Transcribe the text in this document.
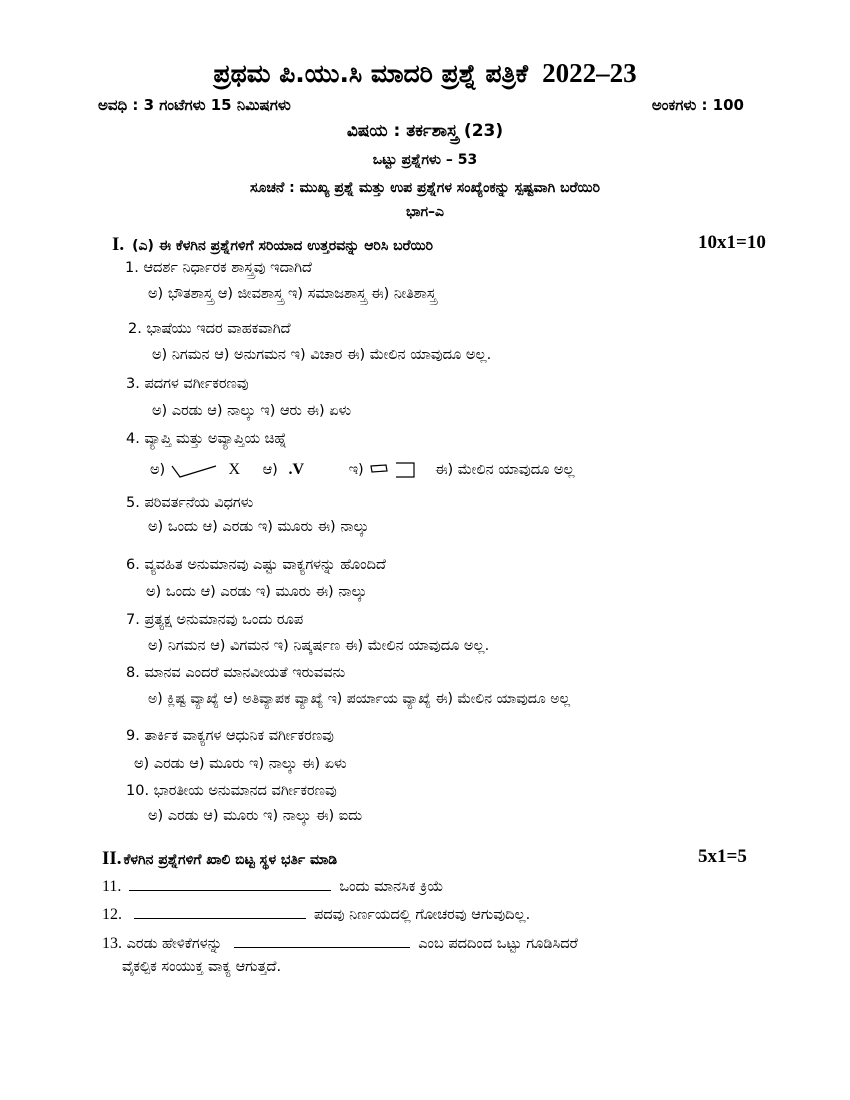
ಪ್ರಥಮ ಪಿ.ಯು.ಸಿ ಮಾದರಿ ಪ್ರಶ್ನೆ ಪತ್ರಿಕೆ 2022–23
ಅವಧಿ : 3 ಗಂಟೆಗಳು 15 ನಿಮಿಷಗಳು	ಅಂಕಗಳು : 100
ವಿಷಯ : ತರ್ಕಶಾಸ್ತ್ರ (23)
ಒಟ್ಟು ಪ್ರಶ್ನೆಗಳು – 53
ಸೂಚನೆ : ಮುಖ್ಯ ಪ್ರಶ್ನೆ ಮತ್ತು ಉಪ ಪ್ರಶ್ನೆಗಳ ಸಂಖ್ಯೆಂಕನ್ನು ಸ್ಪಷ್ಟವಾಗಿ ಬರೆಯಿರಿ
ಭಾಗ–ಎ
I. (ಎ) ಈ ಕೆಳಗಿನ ಪ್ರಶ್ನೆಗಳಿಗೆ ಸರಿಯಾದ ಉತ್ತರವನ್ನು ಆರಿಸಿ ಬರೆಯಿರಿ	10x1=10
1. ಆದರ್ಶ ನಿರ್ಧಾರಕ ಶಾಸ್ತ್ರವು ಇದಾಗಿದೆ
ಅ) ಭೌತಶಾಸ್ತ್ರ ಆ) ಜೀವಶಾಸ್ತ್ರ ಇ) ಸಮಾಜಶಾಸ್ತ್ರ ಈ) ನೀತಿಶಾಸ್ತ್ರ
2. ಭಾಷೆಯು ಇದರ ವಾಹಕವಾಗಿದೆ
ಅ) ನಿಗಮನ ಆ) ಅನುಗಮನ ಇ) ವಿಚಾರ ಈ) ಮೇಲಿನ ಯಾವುದೂ ಅಲ್ಲ.
3. ಪದಗಳ ವರ್ಗೀಕರಣವು
ಅ) ಎರಡು ಆ) ನಾಲ್ಕು ಇ) ಆರು ಈ) ಏಳು
4. ವ್ಯಾಪ್ತಿ ಮತ್ತು ಅವ್ಯಾಪ್ತಿಯ ಚಿಹ್ನೆ
ಅ)	X ಆ) .V	ಇ)	ಈ) ಮೇಲಿನ ಯಾವುದೂ ಅಲ್ಲ
5. ಪರಿವರ್ತನೆಯ ವಿಧಗಳು
ಅ) ಒಂದು ಆ) ಎರಡು ಇ) ಮೂರು ಈ) ನಾಲ್ಕು
6. ವ್ಯವಹಿತ ಅನುಮಾನವು ಎಷ್ಟು ವಾಕ್ಯಗಳನ್ನು ಹೊಂದಿದೆ
ಅ) ಒಂದು ಆ) ಎರಡು ಇ) ಮೂರು ಈ) ನಾಲ್ಕು
7. ಪ್ರತ್ಯಕ್ಷ ಅನುಮಾನವು ಒಂದು ರೂಪ
ಅ) ನಿಗಮನ ಆ) ವಿಗಮನ ಇ) ನಿಷ್ಕರ್ಷಣ ಈ) ಮೇಲಿನ ಯಾವುದೂ ಅಲ್ಲ.
8. ಮಾನವ ಎಂದರೆ ಮಾನವೀಯತೆ ಇರುವವನು
ಅ) ಕ್ಲಿಷ್ಟ ವ್ಯಾಖ್ಯೆ ಆ) ಅತಿವ್ಯಾಪಕ ವ್ಯಾಖ್ಯೆ ಇ) ಪರ್ಯಾಯ ವ್ಯಾಖ್ಯೆ ಈ) ಮೇಲಿನ ಯಾವುದೂ ಅಲ್ಲ
9. ತಾರ್ಕಿಕ ವಾಕ್ಯಗಳ ಆಧುನಿಕ ವರ್ಗೀಕರಣವು
ಅ) ಎರಡು ಆ) ಮೂರು ಇ) ನಾಲ್ಕು ಈ) ಏಳು
10. ಭಾರತೀಯ ಅನುಮಾನದ ವರ್ಗೀಕರಣವು
ಅ) ಎರಡು ಆ) ಮೂರು ಇ) ನಾಲ್ಕು ಈ) ಐದು
II. ಕೆಳಗಿನ ಪ್ರಶ್ನೆಗಳಿಗೆ ಖಾಲಿ ಬಿಟ್ಟ ಸ್ಥಳ ಭರ್ತಿ ಮಾಡಿ	5x1=5
11.	ಒಂದು ಮಾನಸಿಕ ಕ್ರಿಯೆ
12.	ಪದವು ನಿರ್ಣಯದಲ್ಲಿ ಗೋಚರವು ಆಗುವುದಿಲ್ಲ.
13. ಎರಡು ಹೇಳಿಕೆಗಳನ್ನು	ಎಂಬ ಪದದಿಂದ ಒಟ್ಟು ಗೂಡಿಸಿದರೆ
ವೈಕಲ್ಪಿಕ ಸಂಯುಕ್ತ ವಾಕ್ಯ ಆಗುತ್ತದೆ.
